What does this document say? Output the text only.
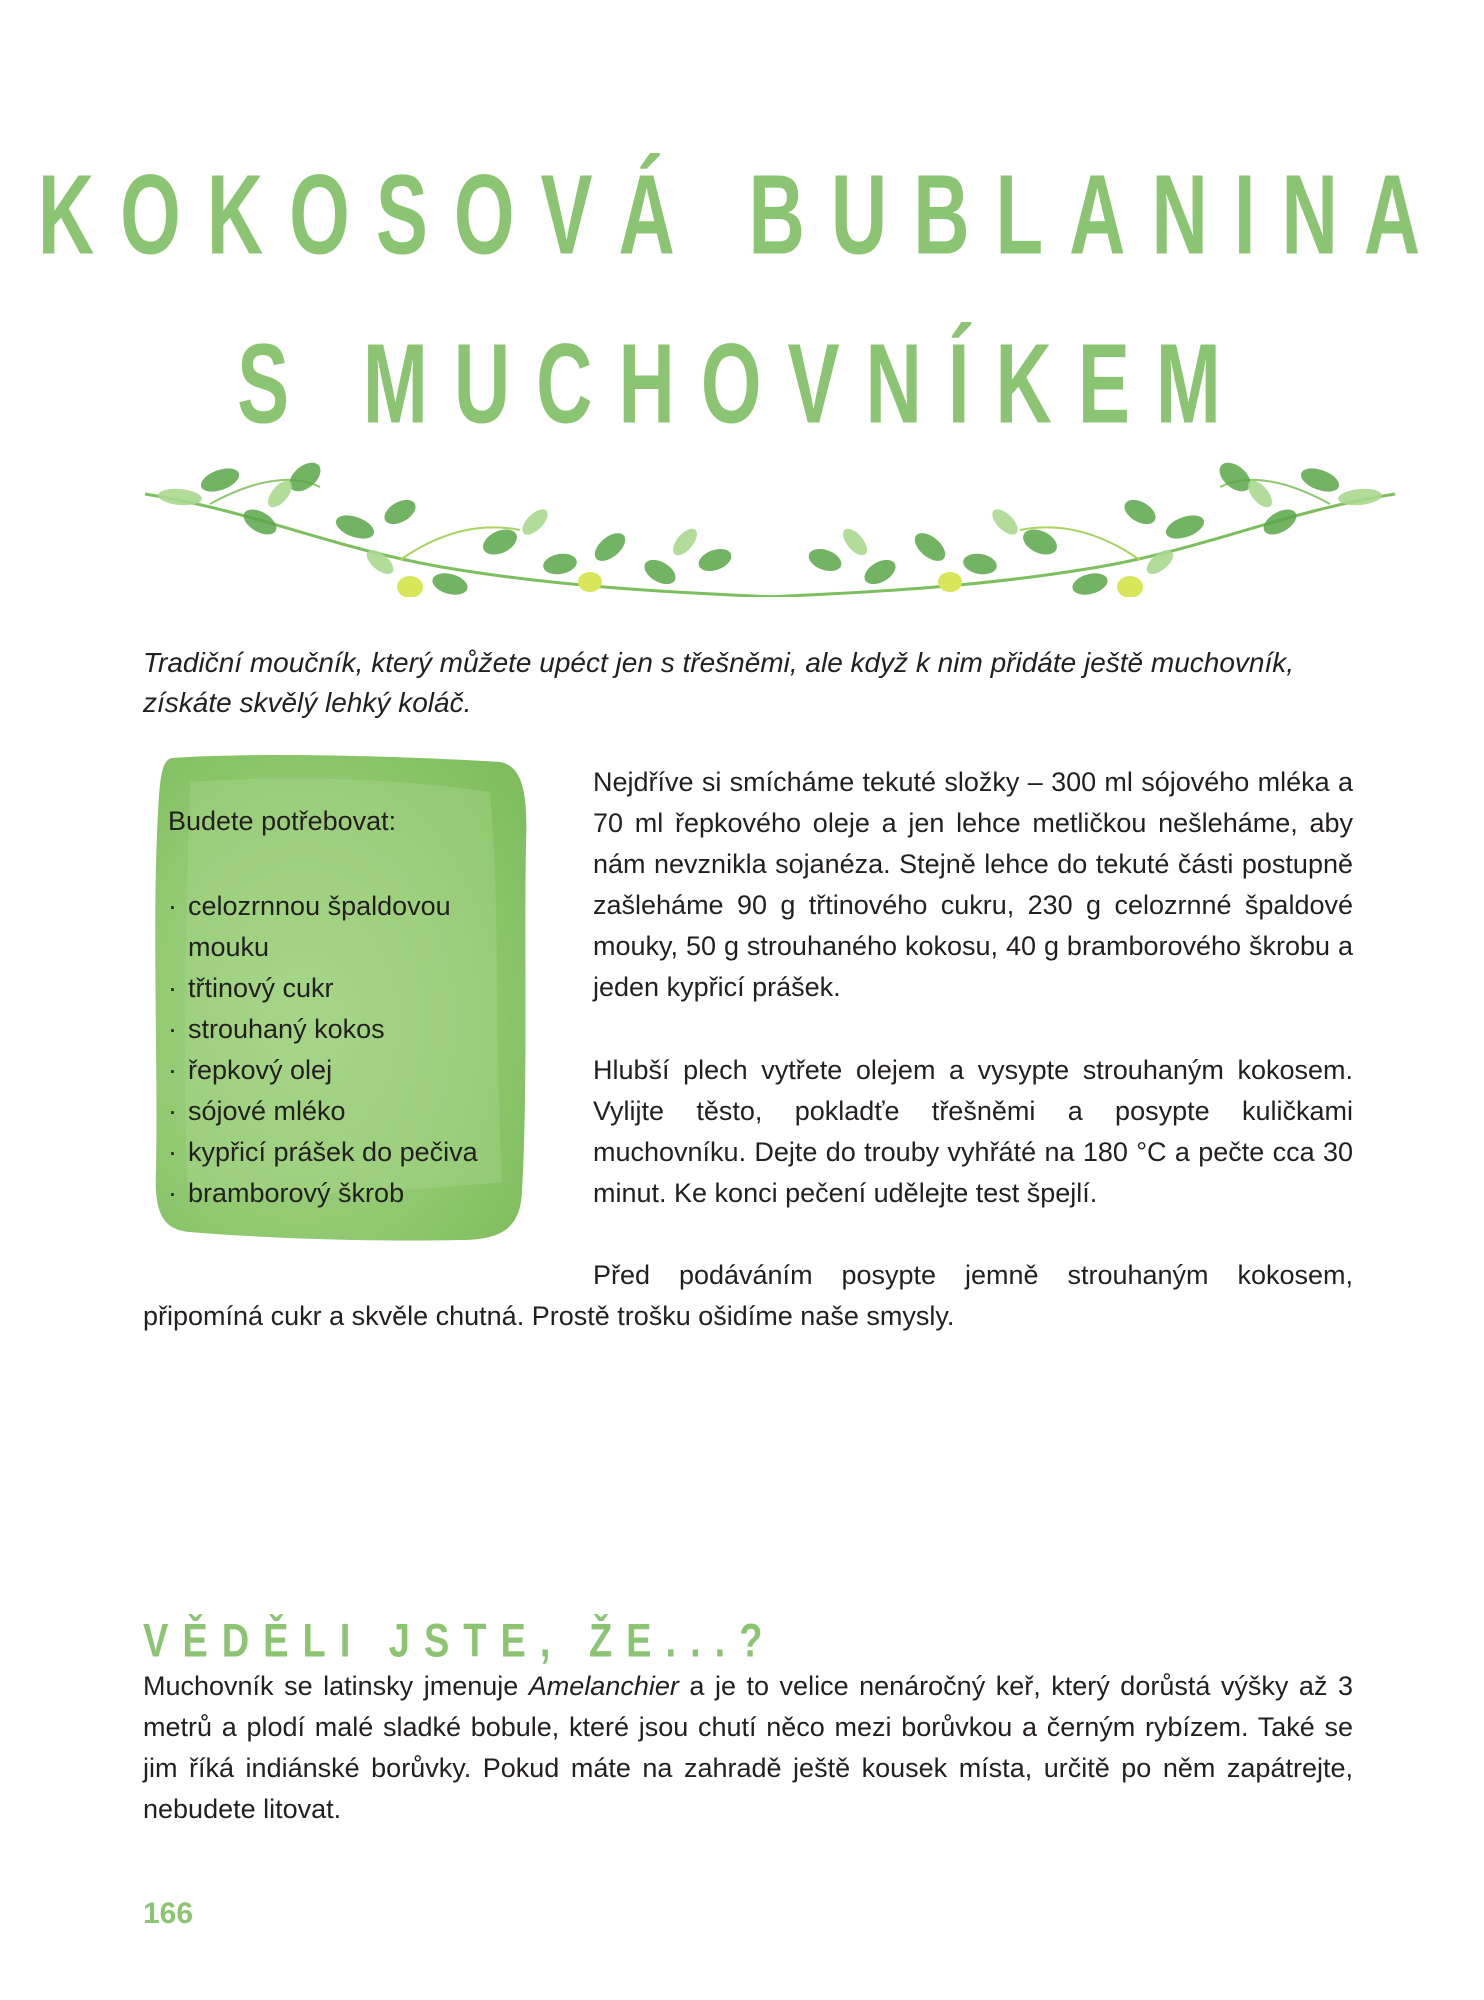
KOKOSOVÁ BUBLANINA
S MUCHOVNÍKEM
Tradiční moučník, který můžete upéct jen s třešněmi, ale když k nim přidáte ještě muchovník, získáte skvělý lehký koláč.
Budete potřebovat:
· celozrnnou špaldovou mouku
· třtinový cukr
· strouhaný kokos
· řepkový olej
· sójové mléko
· kypřicí prášek do pečiva
· bramborový škrob
Nejdříve si smícháme tekuté složky – 300 ml sójového mléka a 70 ml řepkového oleje a jen lehce metličkou nešleháme, aby nám nevznikla sojanéza. Stejně lehce do tekuté části postupně zašleháme 90 g třtinového cukru, 230 g celozrnné špaldové mouky, 50 g strouhaného kokosu, 40 g bramborového škrobu a jeden kypřicí prášek.
Hlubší plech vytřete olejem a vysypte strouhaným kokosem. Vylijte těsto, pokladťe třešněmi a posypte kuličkami muchovníku. Dejte do trouby vyhřáté na 180 °C a pečte cca 30 minut. Ke konci pečení udělejte test špejlí.
Před podáváním posypte jemně strouhaným kokosem, připomíná cukr a skvěle chutná. Prostě trošku ošidíme naše smysly.
VĚDĚLI JSTE, ŽE...?
Muchovník se latinsky jmenuje Amelanchier a je to velice nenáročný keř, který dorůstá výšky až 3 metrů a plodí malé sladké bobule, které jsou chutí něco mezi borůvkou a černým rybízem. Také se jim říká indiánské borůvky. Pokud máte na zahradě ještě kousek místa, určitě po něm zapátrejte, nebudete litovat.
166
